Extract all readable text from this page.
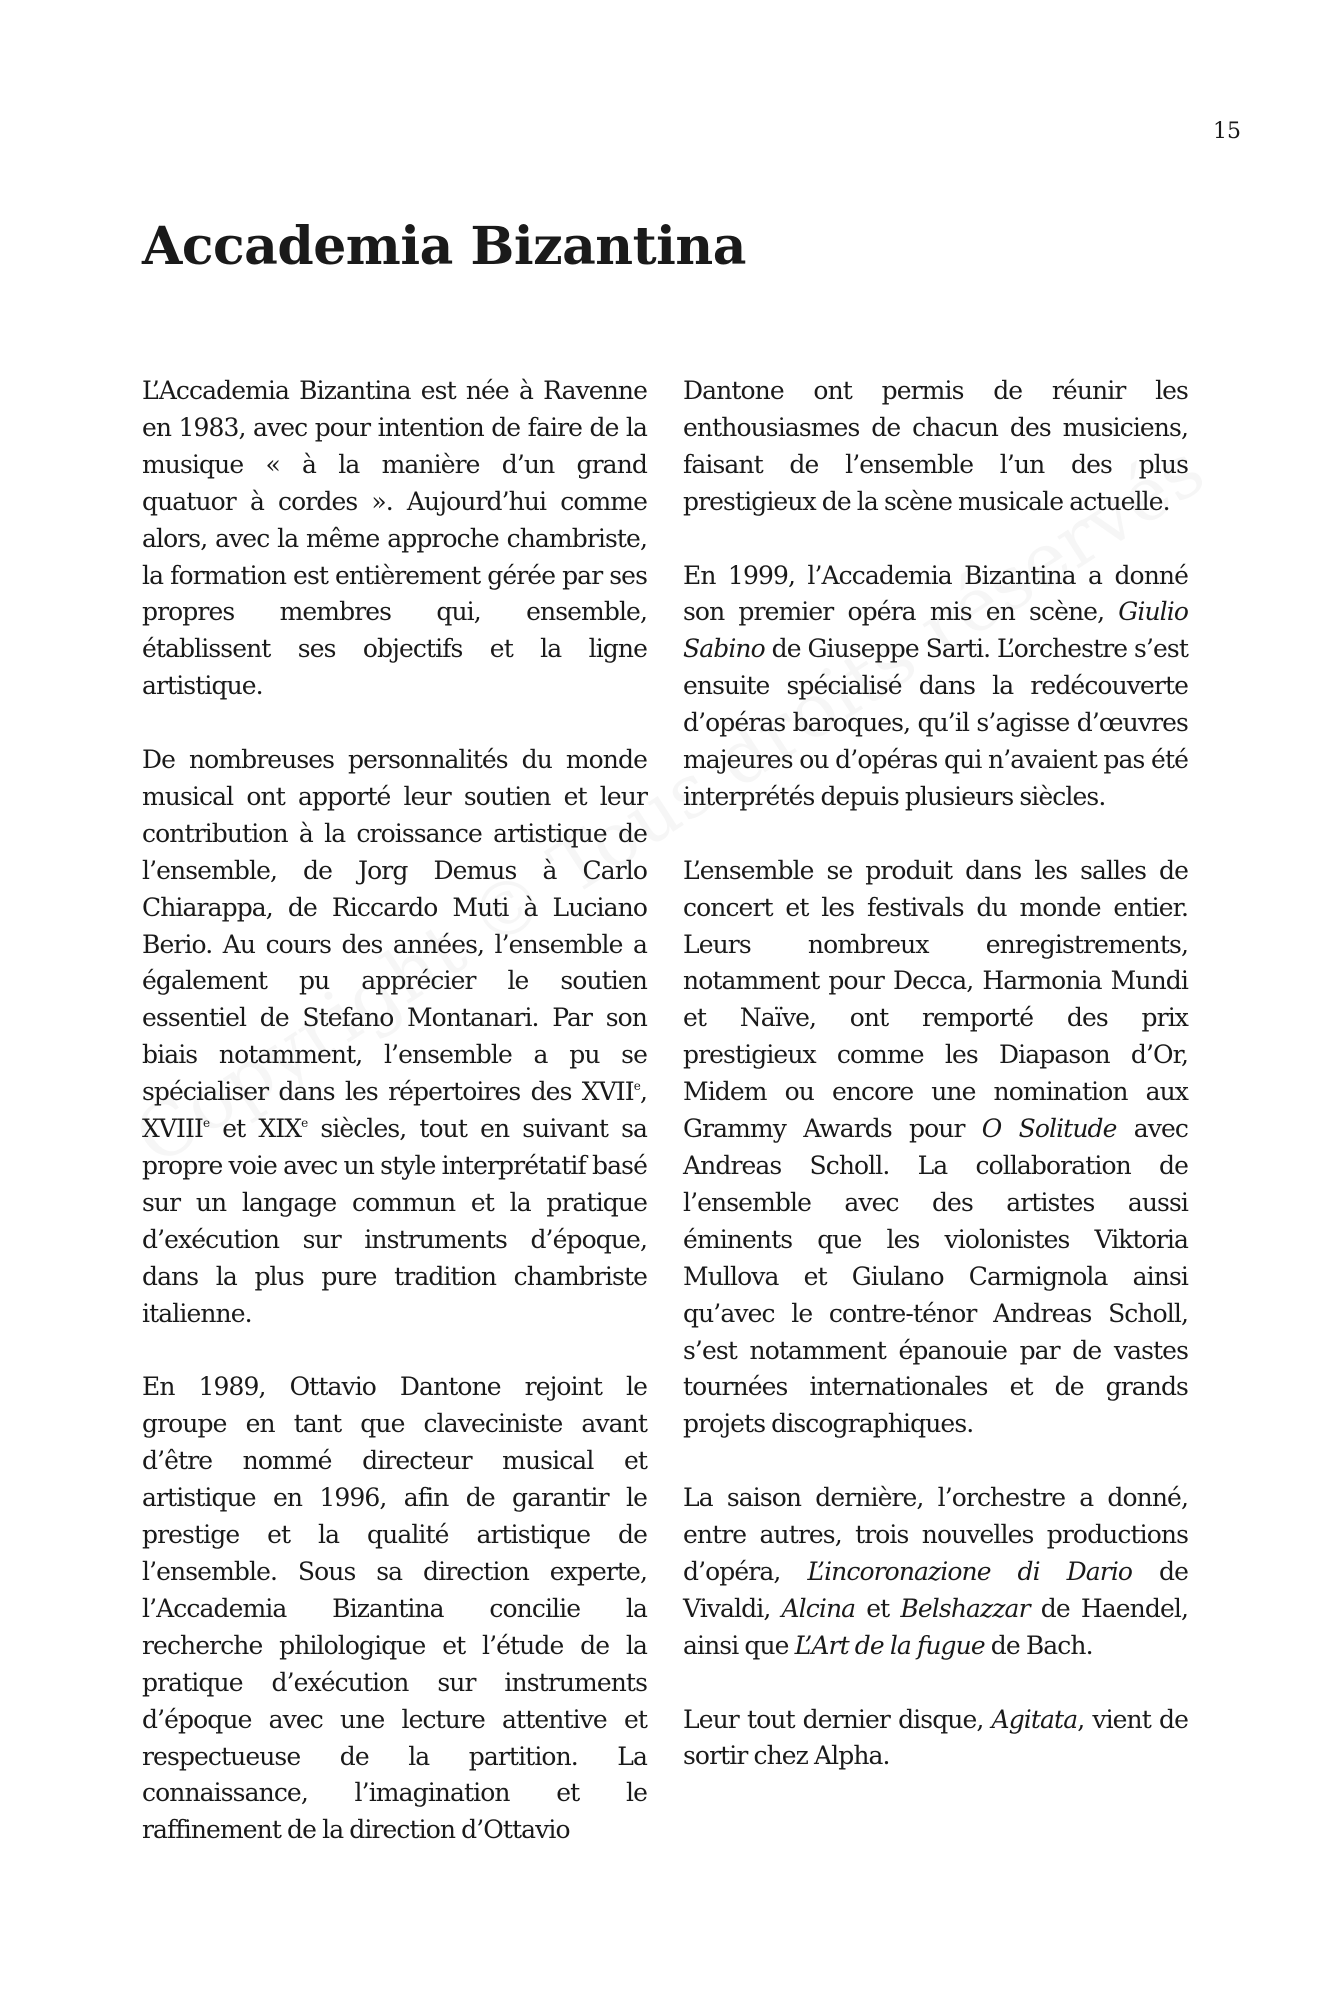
15
Accademia Bizantina

L’Accademia Bizantina est née à Ravenne en 1983, avec pour intention de faire de la musique « à la manière d’un grand quatuor à cordes ». Aujourd’hui comme alors, avec la même approche chambriste, la formation est entièrement gérée par ses propres membres qui, ensemble, établissent ses objectifs et la ligne artistique.

De nombreuses personnalités du monde musical ont apporté leur soutien et leur contribution à la croissance artistique de l’ensemble, de Jorg Demus à Carlo Chiarappa, de Riccardo Muti à Luciano Berio. Au cours des années, l’ensemble a également pu apprécier le soutien essentiel de Stefano Montanari. Par son biais notamment, l’ensemble a pu se spécialiser dans les répertoires des XVIIe, XVIIIe et XIXe siècles, tout en suivant sa propre voie avec un style interprétatif basé sur un langage commun et la pratique d’exécution sur instruments d’époque, dans la plus pure tradition chambriste italienne.

En 1989, Ottavio Dantone rejoint le groupe en tant que claveciniste avant d’être nommé directeur musical et artistique en 1996, afin de garantir le prestige et la qualité artistique de l’ensemble. Sous sa direction experte, l’Accademia Bizantina concilie la recherche philologique et l’étude de la pratique d’exécution sur instruments d’époque avec une lecture attentive et respectueuse de la partition. La connaissance, l’imagination et le raffinement de la direction d’Ottavio

Dantone ont permis de réunir les enthousiasmes de chacun des musiciens, faisant de l’ensemble l’un des plus prestigieux de la scène musicale actuelle.

En 1999, l’Accademia Bizantina a donné son premier opéra mis en scène, Giulio Sabino de Giuseppe Sarti. L’orchestre s’est ensuite spécialisé dans la redécouverte d’opéras baroques, qu’il s’agisse d’œuvres majeures ou d’opéras qui n’avaient pas été interprétés depuis plusieurs siècles.

L’ensemble se produit dans les salles de concert et les festivals du monde entier. Leurs nombreux enregistrements, notamment pour Decca, Harmonia Mundi et Naïve, ont remporté des prix prestigieux comme les Diapason d’Or, Midem ou encore une nomination aux Grammy Awards pour O Solitude avec Andreas Scholl. La collaboration de l’ensemble avec des artistes aussi éminents que les violonistes Viktoria Mullova et Giulano Carmignola ainsi qu’avec le contre-ténor Andreas Scholl, s’est notamment épanouie par de vastes tournées internationales et de grands projets discographiques.

La saison dernière, l’orchestre a donné, entre autres, trois nouvelles productions d’opéra, L’incoronazione di Dario de Vivaldi, Alcina et Belshazzar de Haendel, ainsi que L’Art de la fugue de Bach.

Leur tout dernier disque, Agitata, vient de sortir chez Alpha.
